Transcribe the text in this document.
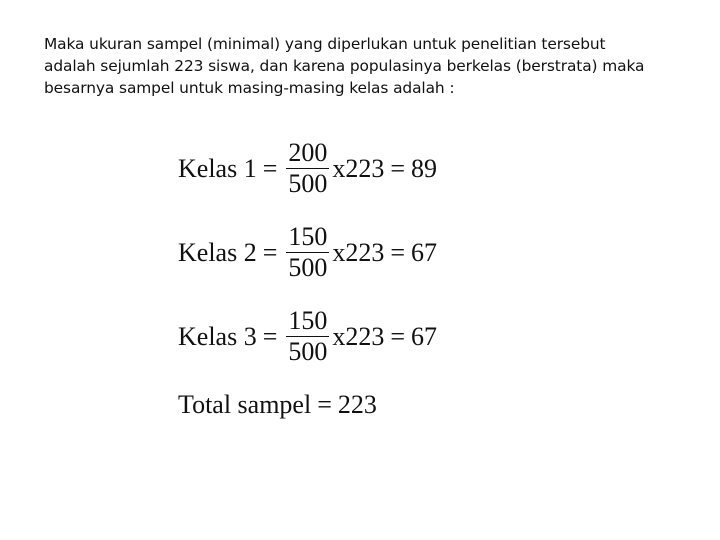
Maka ukuran sampel (minimal) yang diperlukan untuk penelitian tersebut
adalah sejumlah 223 siswa, dan karena populasinya berkelas (berstrata) maka
besarnya sampel untuk masing-masing kelas adalah :
Kelas $1 = \frac{200}{500} x223 = 89$
Kelas $2 = \frac{150}{500} x223 = 67$
Kelas $3 = \frac{150}{500} x223 = 67$
Total sampel = 223
